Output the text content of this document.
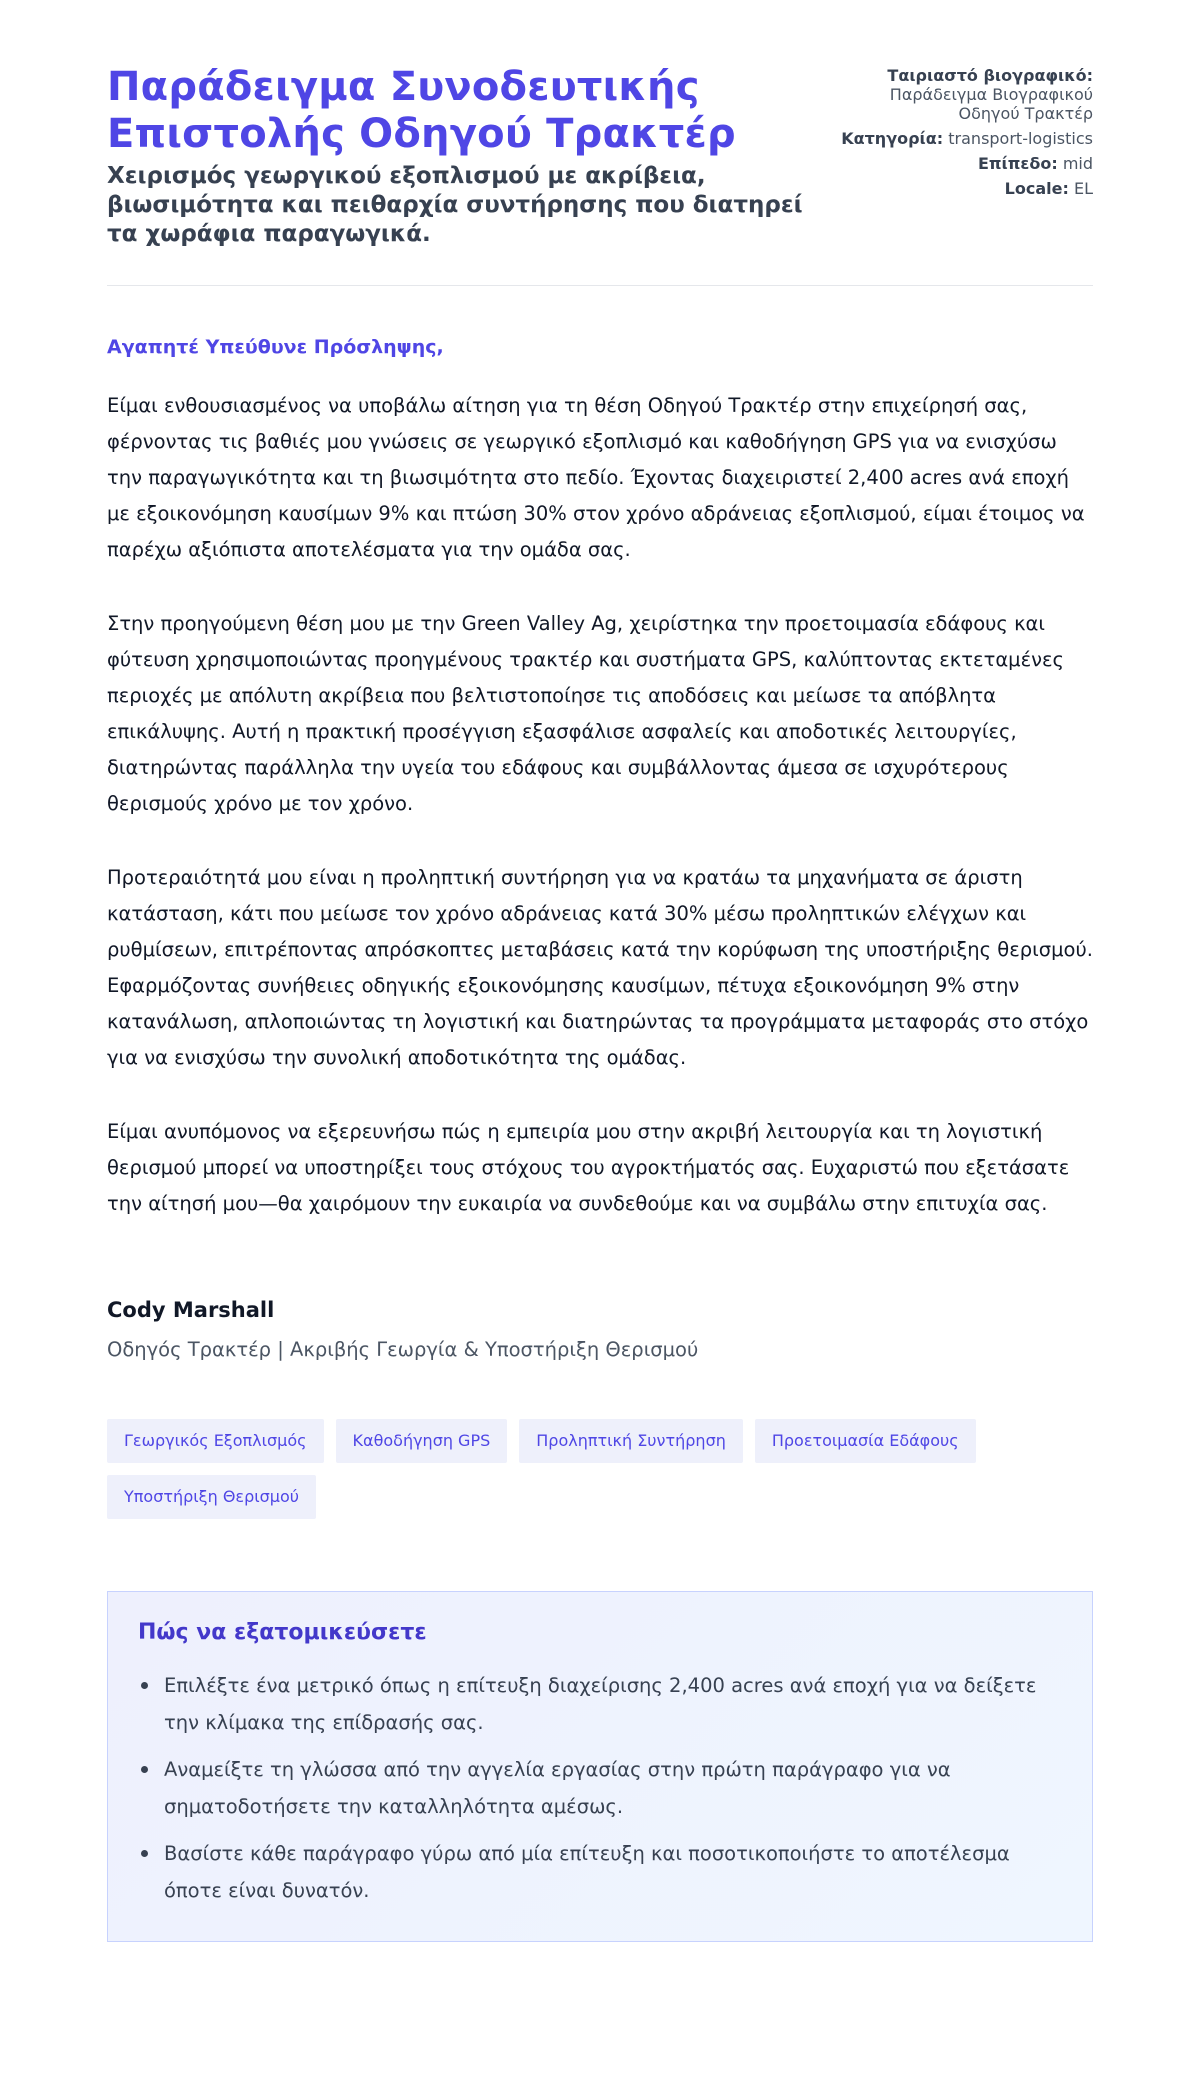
Παράδειγμα Συνοδευτικής Επιστολής Οδηγού Τρακτέρ
Χειρισμός γεωργικού εξοπλισμού με ακρίβεια, βιωσιμότητα και πειθαρχία συντήρησης που διατηρεί τα χωράφια παραγωγικά.
Ταιριαστό βιογραφικό:
Παράδειγμα Βιογραφικού Οδηγού Τρακτέρ
Κατηγορία: transport-logistics
Επίπεδο: mid
Locale: EL

Αγαπητέ Υπεύθυνε Πρόσληψης,

Είμαι ενθουσιασμένος να υποβάλω αίτηση για τη θέση Οδηγού Τρακτέρ στην επιχείρησή σας, φέρνοντας τις βαθιές μου γνώσεις σε γεωργικό εξοπλισμό και καθοδήγηση GPS για να ενισχύσω την παραγωγικότητα και τη βιωσιμότητα στο πεδίο. Έχοντας διαχειριστεί 2,400 acres ανά εποχή με εξοικονόμηση καυσίμων 9% και πτώση 30% στον χρόνο αδράνειας εξοπλισμού, είμαι έτοιμος να παρέχω αξιόπιστα αποτελέσματα για την ομάδα σας.

Στην προηγούμενη θέση μου με την Green Valley Ag, χειρίστηκα την προετοιμασία εδάφους και φύτευση χρησιμοποιώντας προηγμένους τρακτέρ και συστήματα GPS, καλύπτοντας εκτεταμένες περιοχές με απόλυτη ακρίβεια που βελτιστοποίησε τις αποδόσεις και μείωσε τα απόβλητα επικάλυψης. Αυτή η πρακτική προσέγγιση εξασφάλισε ασφαλείς και αποδοτικές λειτουργίες, διατηρώντας παράλληλα την υγεία του εδάφους και συμβάλλοντας άμεσα σε ισχυρότερους θερισμούς χρόνο με τον χρόνο.

Προτεραιότητά μου είναι η προληπτική συντήρηση για να κρατάω τα μηχανήματα σε άριστη κατάσταση, κάτι που μείωσε τον χρόνο αδράνειας κατά 30% μέσω προληπτικών ελέγχων και ρυθμίσεων, επιτρέποντας απρόσκοπτες μεταβάσεις κατά την κορύφωση της υποστήριξης θερισμού. Εφαρμόζοντας συνήθειες οδηγικής εξοικονόμησης καυσίμων, πέτυχα εξοικονόμηση 9% στην κατανάλωση, απλοποιώντας τη λογιστική και διατηρώντας τα προγράμματα μεταφοράς στο στόχο για να ενισχύσω την συνολική αποδοτικότητα της ομάδας.

Είμαι ανυπόμονος να εξερευνήσω πώς η εμπειρία μου στην ακριβή λειτουργία και τη λογιστική θερισμού μπορεί να υποστηρίξει τους στόχους του αγροκτήματός σας. Ευχαριστώ που εξετάσατε την αίτησή μου—θα χαιρόμουν την ευκαιρία να συνδεθούμε και να συμβάλω στην επιτυχία σας.

Cody Marshall
Οδηγός Τρακτέρ | Ακριβής Γεωργία & Υποστήριξη Θερισμού
Γεωργικός Εξοπλισμός	Καθοδήγηση GPS	Προληπτική Συντήρηση	Προετοιμασία Εδάφους
Υποστήριξη Θερισμού
Πώς να εξατομικεύσετε
Επιλέξτε ένα μετρικό όπως η επίτευξη διαχείρισης 2,400 acres ανά εποχή για να δείξετε την κλίμακα της επίδρασής σας.
Αναμείξτε τη γλώσσα από την αγγελία εργασίας στην πρώτη παράγραφο για να σηματοδοτήσετε την καταλληλότητα αμέσως.
Βασίστε κάθε παράγραφο γύρω από μία επίτευξη και ποσοτικοποιήστε το αποτέλεσμα όποτε είναι δυνατόν.
